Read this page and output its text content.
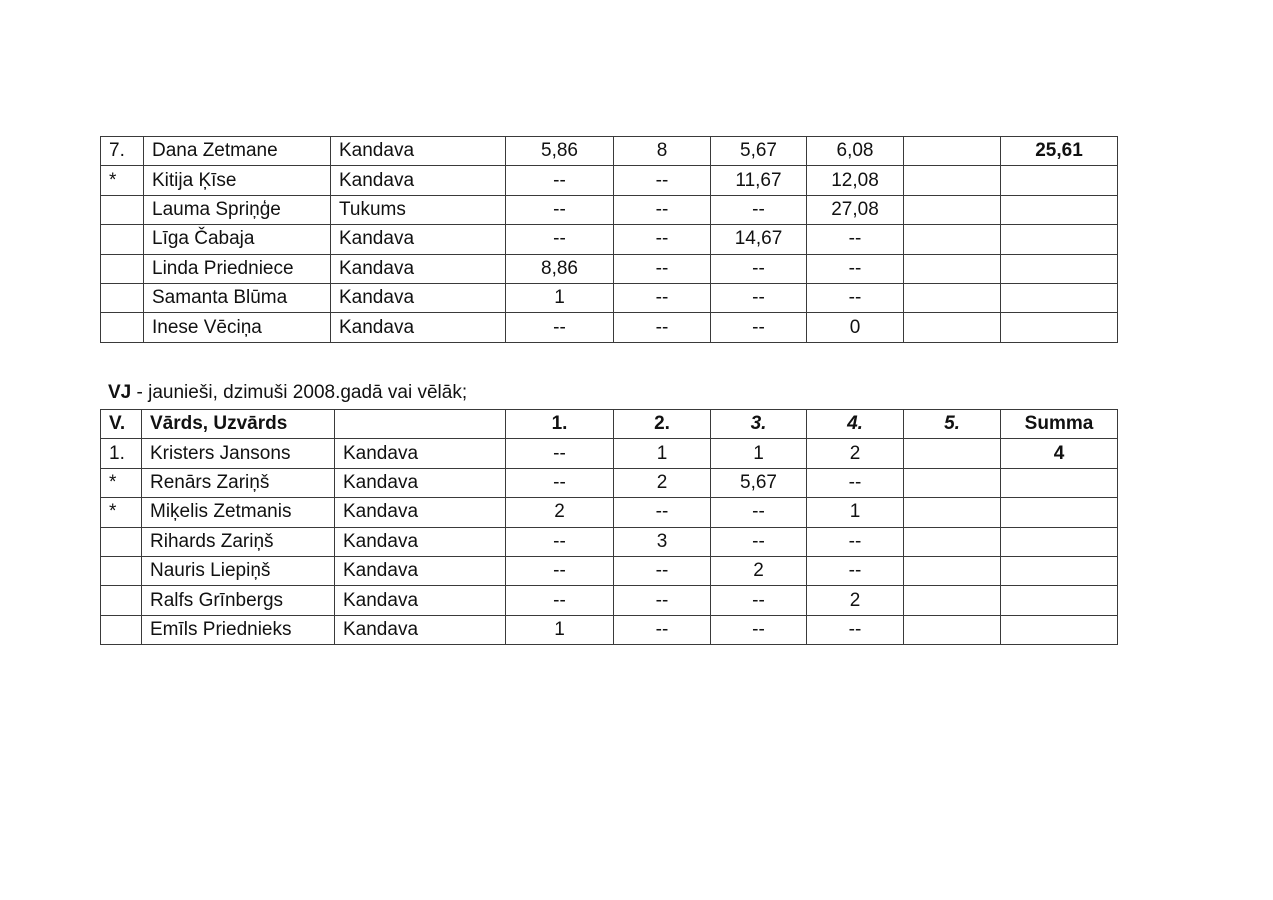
7.	Dana Zetmane	Kandava	5,86	8	5,67	6,08		25,61
*	Kitija Ķīse	Kandava	--	--	11,67	12,08		
	Lauma Spriņģe	Tukums	--	--	--	27,08		
	Līga Čabaja	Kandava	--	--	14,67	--		
	Linda Priedniece	Kandava	8,86	--	--	--		
	Samanta Blūma	Kandava	1	--	--	--		
	Inese Vēciņa	Kandava	--	--	--	0		
VJ - jaunieši, dzimuši 2008.gadā vai vēlāk;
V.	Vārds, Uzvārds		1.	2.	3.	4.	5.	Summa
1.	Kristers Jansons	Kandava	--	1	1	2		4
*	Renārs Zariņš	Kandava	--	2	5,67	--		
*	Miķelis Zetmanis	Kandava	2	--	--	1		
	Rihards Zariņš	Kandava	--	3	--	--		
	Nauris Liepiņš	Kandava	--	--	2	--		
	Ralfs Grīnbergs	Kandava	--	--	--	2		
	Emīls Priednieks	Kandava	1	--	--	--		
